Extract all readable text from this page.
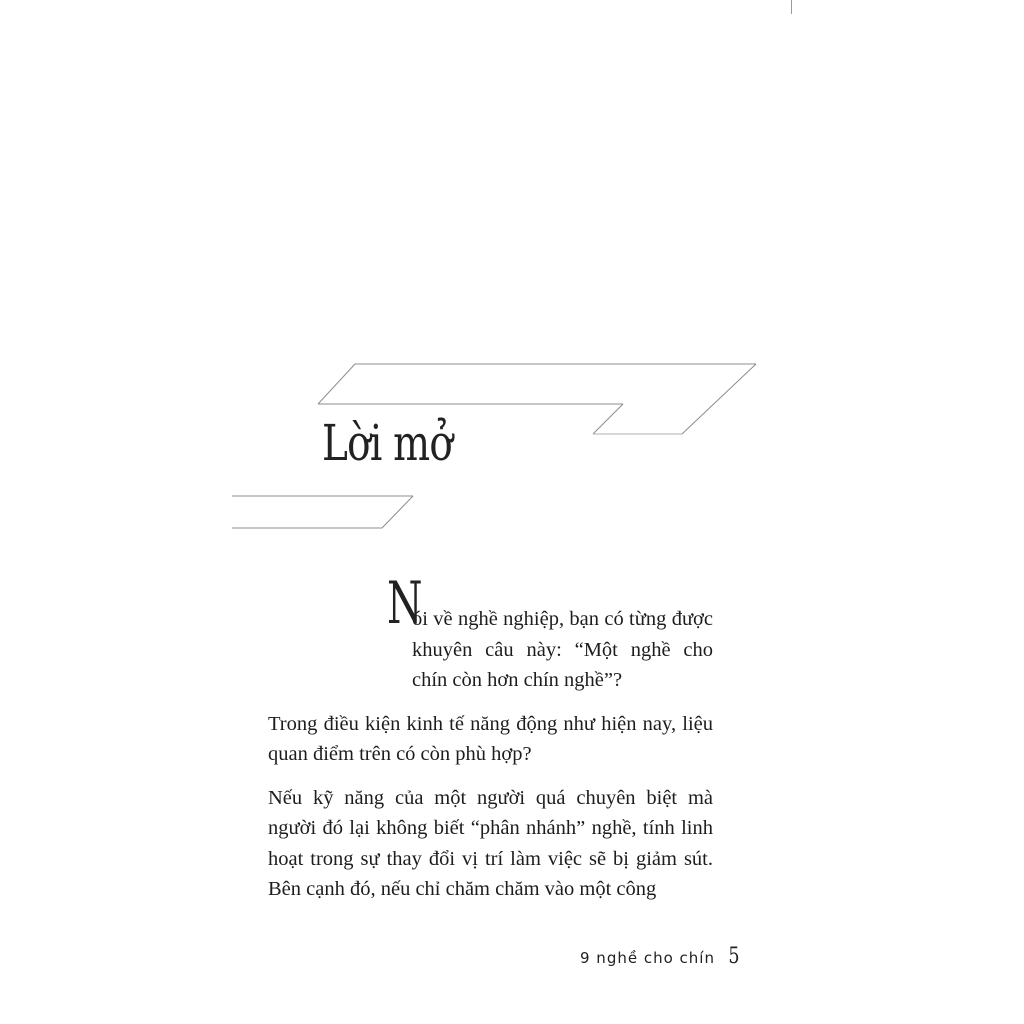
Lời mở

N
ói về nghề nghiệp, bạn có từng được khuyên câu này: “Một nghề cho chín còn hơn chín nghề”?

Trong điều kiện kinh tế năng động như hiện nay, liệu quan điểm trên có còn phù hợp?

Nếu kỹ năng của một người quá chuyên biệt mà người đó lại không biết “phân nhánh” nghề, tính linh hoạt trong sự thay đổi vị trí làm việc sẽ bị giảm sút. Bên cạnh đó, nếu chỉ chăm chăm vào một công

9 nghề cho chín 5
